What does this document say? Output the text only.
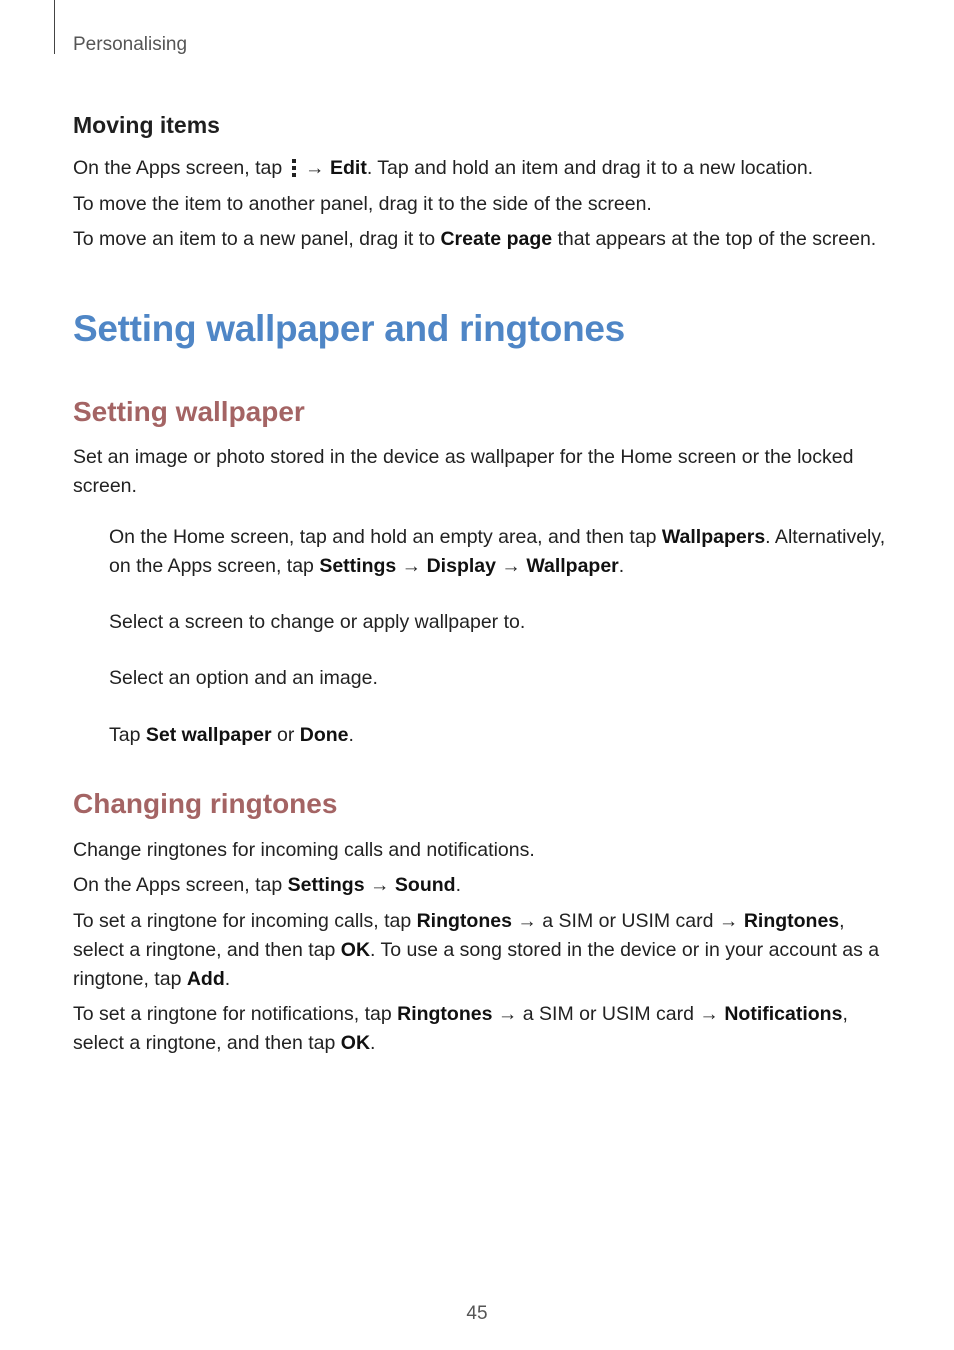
Personalising
Moving items

On the Apps screen, tap
→ Edit. Tap and hold an item and drag it to a new location.

To move the item to another panel, drag it to the side of the screen.

To move an item to a new panel, drag it to Create page that appears at the top of the screen.

Setting wallpaper and ringtones
Setting wallpaper

Set an image or photo stored in the device as wallpaper for the Home screen or the locked
screen.

On the Home screen, tap and hold an empty area, and then tap Wallpapers. Alternatively,
on the Apps screen, tap Settings → Display → Wallpaper.

Select a screen to change or apply wallpaper to.

Select an option and an image.

Tap Set wallpaper or Done.

Changing ringtones

Change ringtones for incoming calls and notifications.

On the Apps screen, tap Settings → Sound.

To set a ringtone for incoming calls, tap Ringtones → a SIM or USIM card → Ringtones,
select a ringtone, and then tap OK. To use a song stored in the device or in your account as a
ringtone, tap Add.

To set a ringtone for notifications, tap Ringtones → a SIM or USIM card → Notifications,
select a ringtone, and then tap OK.

45
